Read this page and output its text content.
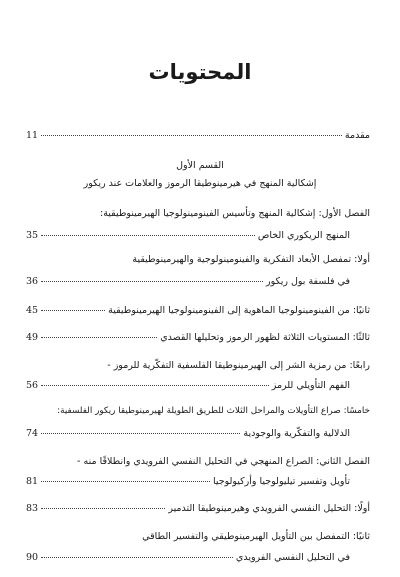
المحتويات
مقدمة
11
القسم الأول
إشكالية المنهج في هيرمينوطيقا الرموز والعلامات عند ريكور
الفصل الأول: إشكالية المنهج وتأسيس الفينومينولوجيا الهيرمينوطيقية:
المنهج الريكوري الخاص
35
أولا: تمفصل الأبعاد التفكرية والفينومينولوجية والهيرمينوطيقية
في فلسفة بول ريكور
36
ثانيًا: من الفينومينولوجيا الماهوية إلى الفينومينولوجيا الهيرمينوطيقية
45
ثالثًا: المستويات الثلاثة لظهور الرموز وتحليلها القصدي
49
رابعًا: من رمزية الشر إلى الهيرمينوطيقا الفلسفية التفكّرية للرموز -
الفهم التأويلي للرمز
56
خامسًا: صراع التأويلات والمراحل الثلاث للطريق الطويلة لهيرمينوطيقا ريكور الفلسفية:
الدلالية والتفكّرية والوجودية
74
الفصل الثاني: الصراع المنهجي في التحليل النفسي الفرويدي وانطلاقًا منه -
تأويل وتفسير تيليولوجيا وأركيولوجيا
81
أولًا: التحليل النفسي الفرويدي وهيرمينوطيقا التدمير
83
ثانيًا: التمفصل بين التأويل الهيرمينوطيقي والتفسير الطاقي
في التحليل النفسي الفرويدي
90
